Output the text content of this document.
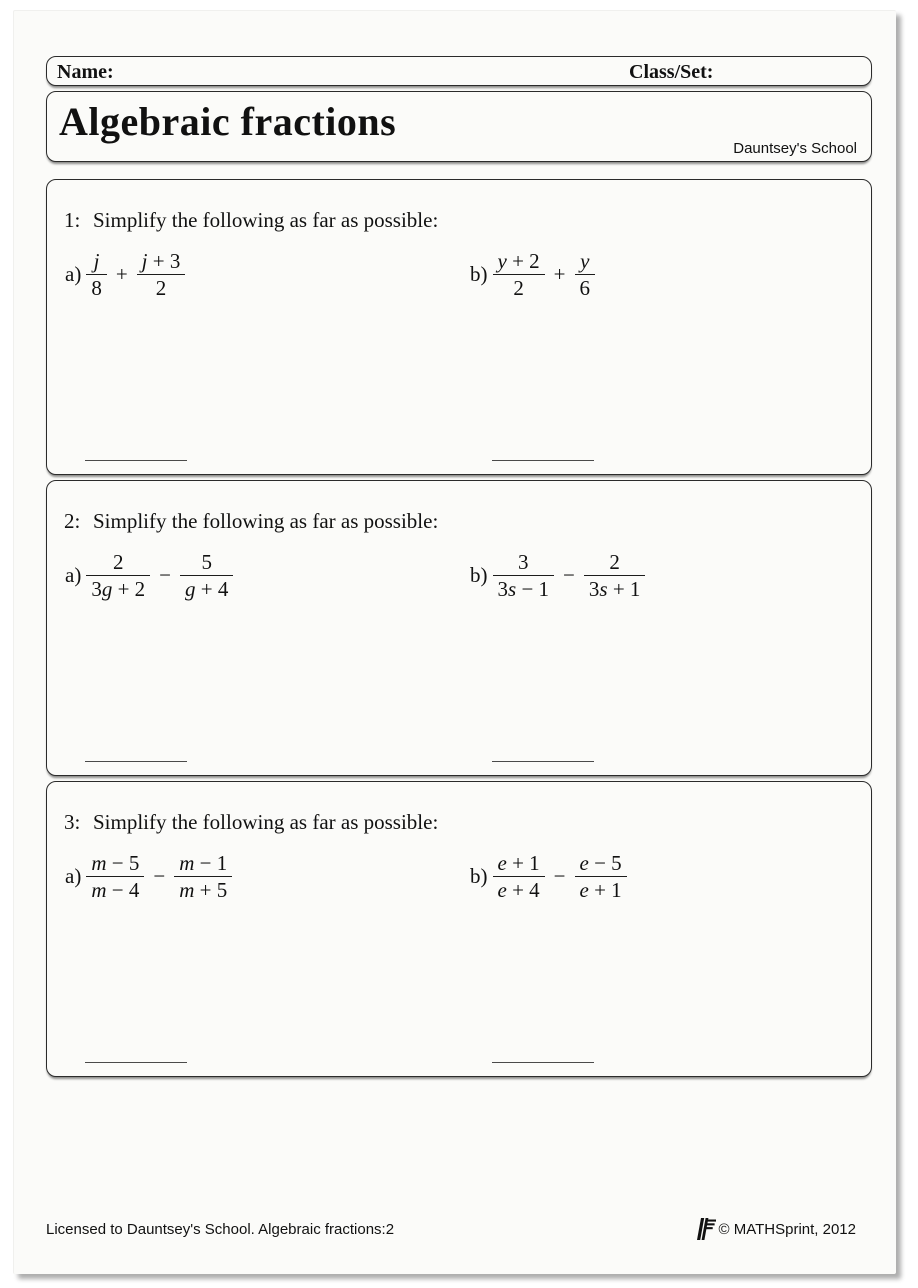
Name:	Class/Set:
Algebraic fractions
Dauntsey's School
1: Simplify the following as far as possible:
$a) \frac{j}{8} + \frac{j + 3}{2}$	$b) \frac{y + 2}{2} + \frac{y}{6}$
2: Simplify the following as far as possible:
$a) \frac{2}{3g + 2} - \frac{5}{g + 4}$	$b) \frac{3}{3s - 1} - \frac{2}{3s + 1}$
3: Simplify the following as far as possible:
$a) \frac{m - 5}{m - 4} - \frac{m - 1}{m + 5}$	$b) \frac{e + 1}{e + 4} - \frac{e - 5}{e + 1}$
Licensed to Dauntsey's School. Algebraic fractions:2	© MATHSprint, 2012
